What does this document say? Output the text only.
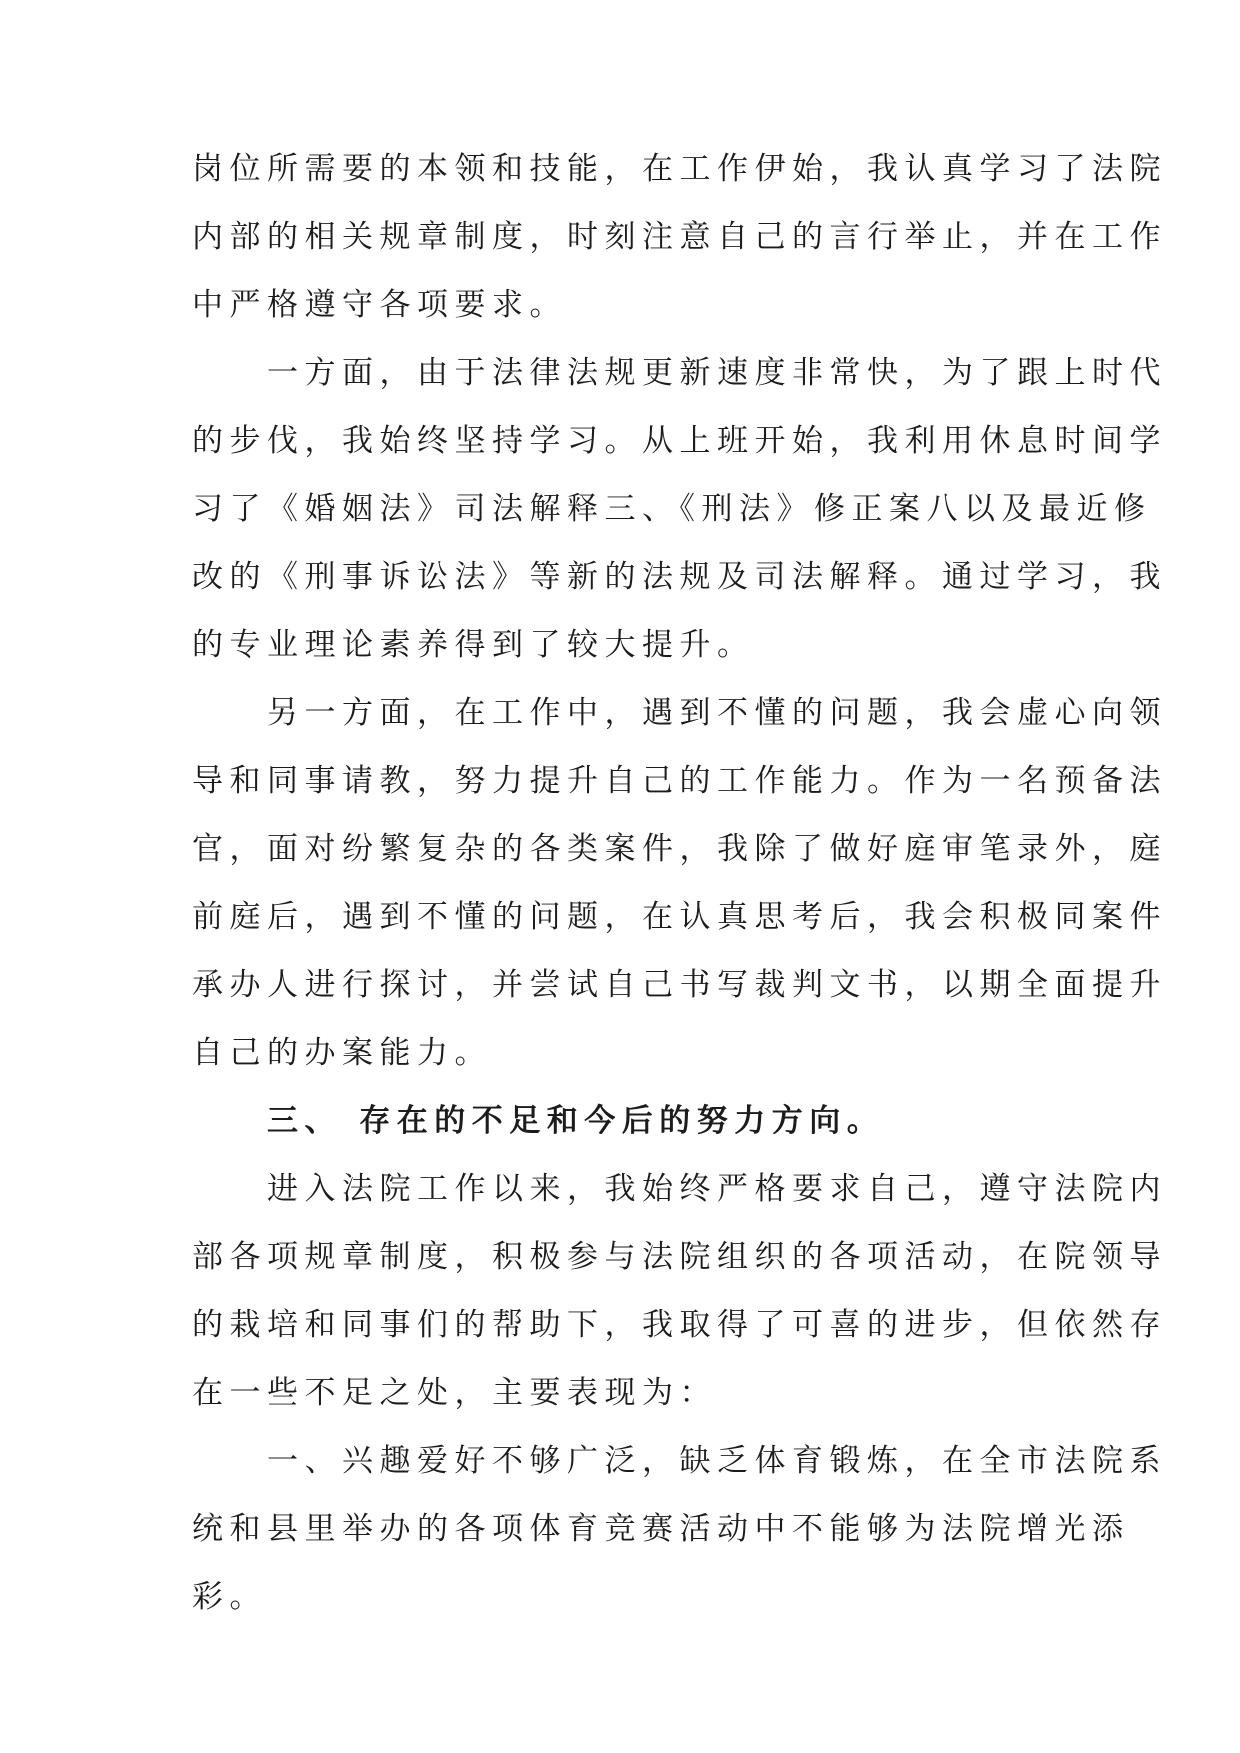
岗位所需要的本领和技能，在工作伊始，我认真学习了法院
内部的相关规章制度，时刻注意自己的言行举止，并在工作
中严格遵守各项要求。
　　一方面，由于法律法规更新速度非常快，为了跟上时代
的步伐，我始终坚持学习。从上班开始，我利用休息时间学
习了《婚姻法》司法解释三、《刑法》修正案八以及最近修
改的《刑事诉讼法》等新的法规及司法解释。通过学习，我
的专业理论素养得到了较大提升。
　　另一方面，在工作中，遇到不懂的问题，我会虚心向领
导和同事请教，努力提升自己的工作能力。作为一名预备法
官，面对纷繁复杂的各类案件，我除了做好庭审笔录外，庭
前庭后，遇到不懂的问题，在认真思考后，我会积极同案件
承办人进行探讨，并尝试自己书写裁判文书，以期全面提升
自己的办案能力。
　　三、 存在的不足和今后的努力方向。
　　进入法院工作以来，我始终严格要求自己，遵守法院内
部各项规章制度，积极参与法院组织的各项活动，在院领导
的栽培和同事们的帮助下，我取得了可喜的进步，但依然存
在一些不足之处，主要表现为：
　　一、兴趣爱好不够广泛，缺乏体育锻炼，在全市法院系
统和县里举办的各项体育竞赛活动中不能够为法院增光添
彩。
